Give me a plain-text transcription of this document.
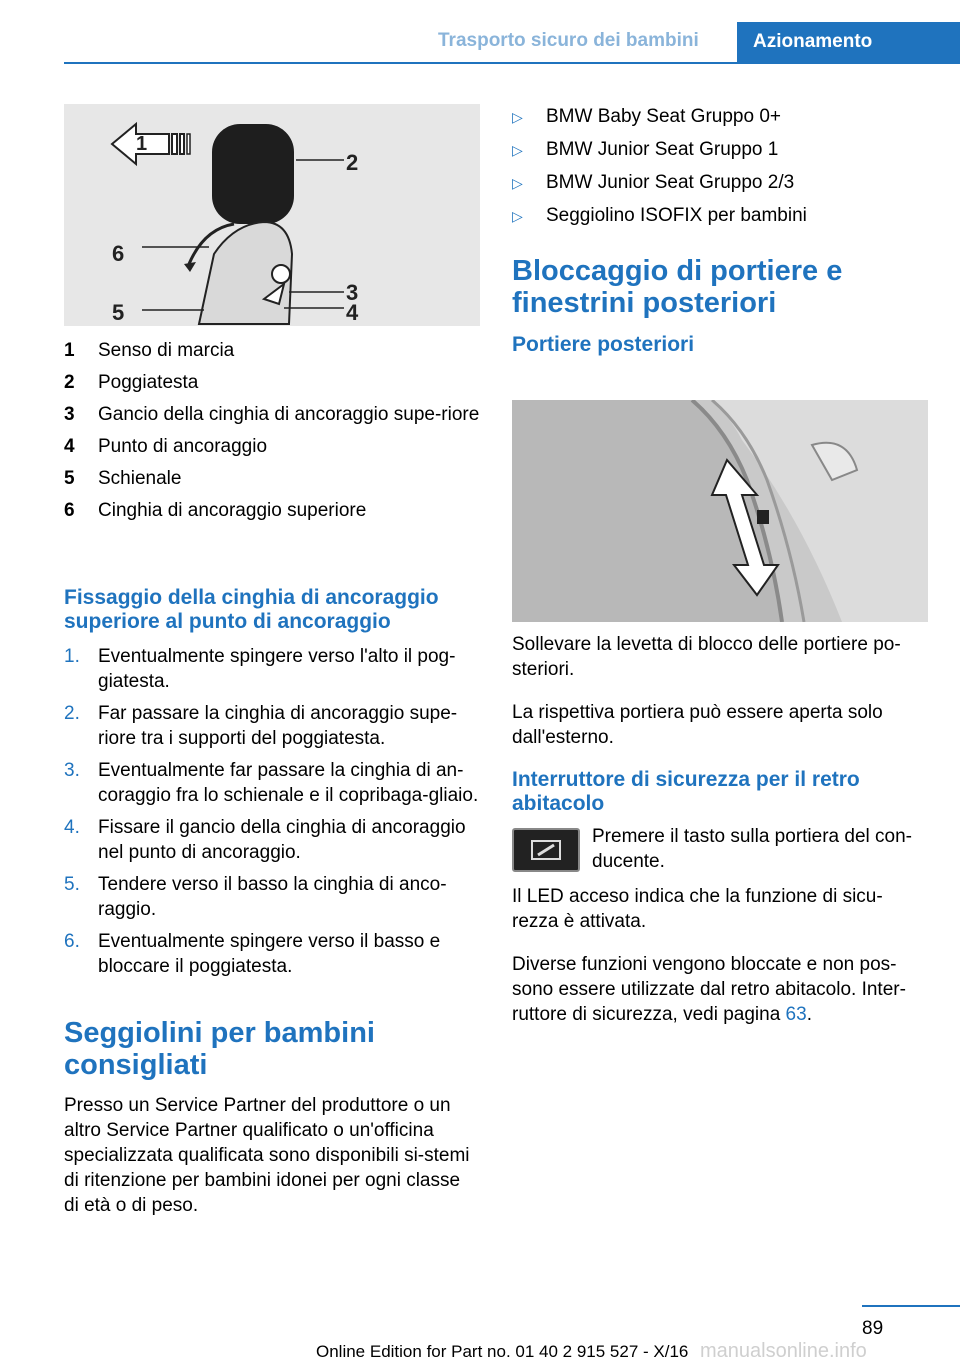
Trasporto sicuro dei bambini	Azionamento
1
2
3
4
5
6
1	Senso di marcia
2	Poggiatesta
3	Gancio della cinghia di ancoraggio supe-riore
4	Punto di ancoraggio
5	Schienale
6	Cinghia di ancoraggio superiore
Fissaggio della cinghia di ancoraggio superiore al punto di ancoraggio
1. Eventualmente spingere verso l'alto il pog-giatesta.
2. Far passare la cinghia di ancoraggio supe-riore tra i supporti del poggiatesta.
3. Eventualmente far passare la cinghia di an-coraggio fra lo schienale e il copribaga-gliaio.
4. Fissare il gancio della cinghia di ancoraggio nel punto di ancoraggio.
5. Tendere verso il basso la cinghia di anco-raggio.
6. Eventualmente spingere verso il basso e bloccare il poggiatesta.
Seggiolini per bambini consigliati

Presso un Service Partner del produttore o un altro Service Partner qualificato o un'officina specializzata qualificata sono disponibili si-stemi di ritenzione per bambini idonei per ogni classe di età o di peso.

▷	BMW Baby Seat Gruppo 0+
▷	BMW Junior Seat Gruppo 1
▷	BMW Junior Seat Gruppo 2/3
▷	Seggiolino ISOFIX per bambini
Bloccaggio di portiere e finestrini posteriori
Portiere posteriori

Sollevare la levetta di blocco delle portiere po-steriori.

La rispettiva portiera può essere aperta solo dall'esterno.

Interruttore di sicurezza per il retro abitacolo

Premere il tasto sulla portiera del con-ducente.

Il LED acceso indica che la funzione di sicu-rezza è attivata.

Diverse funzioni vengono bloccate e non pos-sono essere utilizzate dal retro abitacolo. Inter-ruttore di sicurezza, vedi pagina 63.

89
Online Edition for Part no. 01 40 2 915 527 - X/16 manualsonline.info
